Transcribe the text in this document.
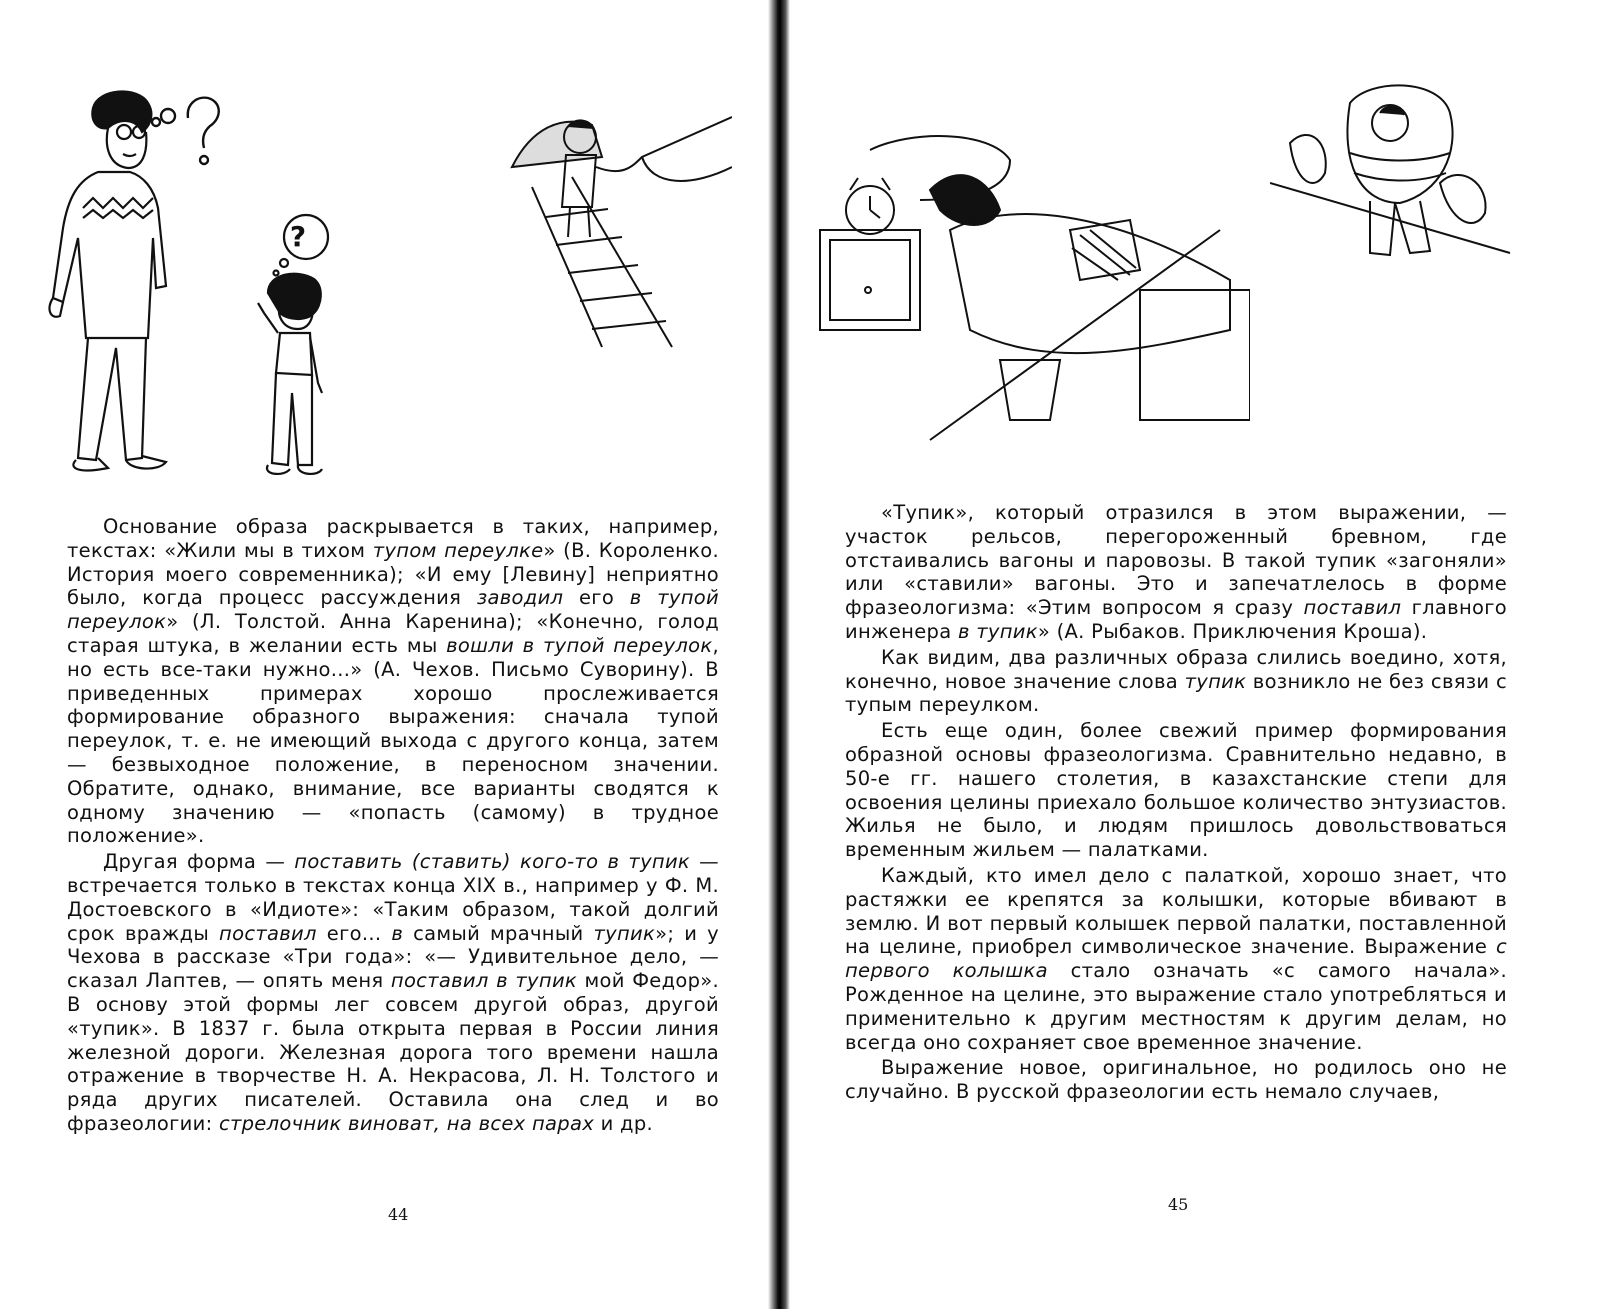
?

Основание образа раскрывается в таких, например, текстах: «Жили мы в тихом тупом переулке» (В. Короленко. История моего современника); «И ему [Левину] неприятно было, когда процесс рассуждения заводил его в тупой переулок» (Л. Толстой. Анна Каренина); «Конечно, голод старая штука, в желании есть мы вошли в тупой переулок, но есть все-таки нужно...» (А. Чехов. Письмо Суворину). В приведенных примерах хорошо прослеживается формирование образного выражения: сначала тупой переулок, т. е. не имеющий выхода с другого конца, затем — безвыходное положение, в переносном значении. Обратите, однако, внимание, все варианты сводятся к одному значению — «попасть (самому) в трудное положение».

Другая форма — поставить (ставить) кого-то в тупик — встречается только в текстах конца XIX в., например у Ф. М. Достоевского в «Идиоте»: «Таким образом, такой долгий срок вражды поставил его... в самый мрачный тупик»; и у Чехова в рассказе «Три года»: «— Удивительное дело, — сказал Лаптев, — опять меня поставил в тупик мой Федор». В основу этой формы лег совсем другой образ, другой «тупик». В 1837 г. была открыта первая в России линия железной дороги. Железная дорога того времени нашла отражение в творчестве Н. А. Некрасова, Л. Н. Толстого и ряда других писателей. Оставила она след и во фразеологии: стрелочник виноват, на всех парах и др.

44

«Тупик», который отразился в этом выражении, — участок рельсов, перегороженный бревном, где отстаивались вагоны и паровозы. В такой тупик «загоняли» или «ставили» вагоны. Это и запечатлелось в форме фразеологизма: «Этим вопросом я сразу поставил главного инженера в тупик» (А. Рыбаков. Приключения Кроша).

Как видим, два различных образа слились воедино, хотя, конечно, новое значение слова тупик возникло не без связи с тупым переулком.

Есть еще один, более свежий пример формирования образной основы фразеологизма. Сравнительно недавно, в 50-е гг. нашего столетия, в казахстанские степи для освоения целины приехало большое количество энтузиастов. Жилья не было, и людям пришлось довольствоваться временным жильем — палатками.

Каждый, кто имел дело с палаткой, хорошо знает, что растяжки ее крепятся за колышки, которые вбивают в землю. И вот первый колышек первой палатки, поставленной на целине, приобрел символическое значение. Выражение с первого колышка стало означать «с самого начала». Рожденное на целине, это выражение стало употребляться и применительно к другим местностям к другим делам, но всегда оно сохраняет свое временное значение.

Выражение новое, оригинальное, но родилось оно не случайно. В русской фразеологии есть немало случаев,

45
